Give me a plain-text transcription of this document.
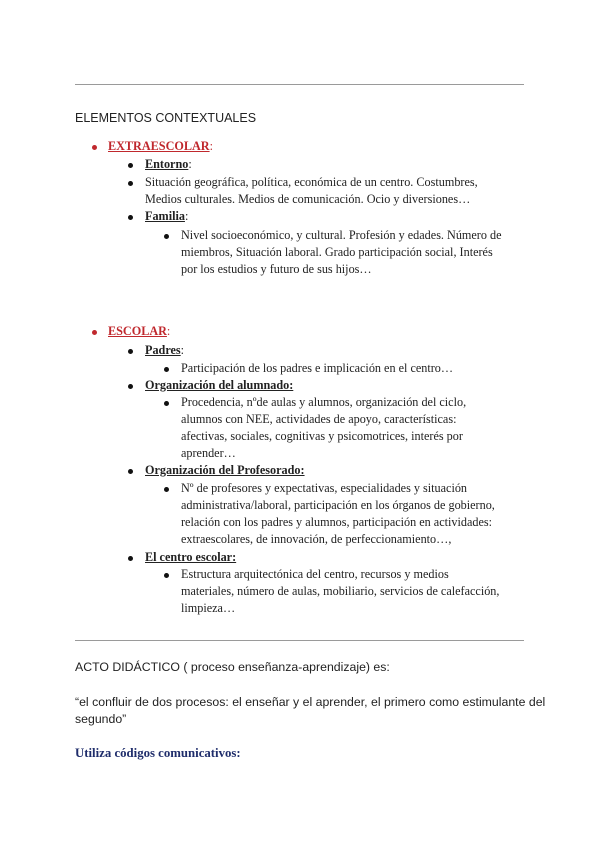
ELEMENTOS CONTEXTUALES
EXTRAESCOLAR:
Entorno:
Situación geográfica, política, económica de un centro. Costumbres,
Medios culturales. Medios de comunicación. Ocio y diversiones…
Familia:
Nivel socioeconómico, y cultural. Profesión y edades. Número de
miembros, Situación laboral. Grado participación social, Interés
por los estudios y futuro de sus hijos…
ESCOLAR:
Padres:
Participación de los padres e implicación en el centro…
Organización del alumnado:
Procedencia, nºde aulas y alumnos, organización del ciclo,
alumnos con NEE, actividades de apoyo, características:
afectivas, sociales, cognitivas y psicomotrices, interés por
aprender…
Organización del Profesorado:
Nº de profesores y expectativas, especialidades y situación
administrativa/laboral, participación en los órganos de gobierno,
relación con los padres y alumnos, participación en actividades:
extraescolares, de innovación, de perfeccionamiento…,
El centro escolar:
Estructura arquitectónica del centro, recursos y medios
materiales, número de aulas, mobiliario, servicios de calefacción,
limpieza…
ACTO DIDÁCTICO ( proceso enseñanza-aprendizaje) es:
“el confluir de dos procesos: el enseñar y el aprender, el primero como estimulante del
segundo”
Utiliza códigos comunicativos:
